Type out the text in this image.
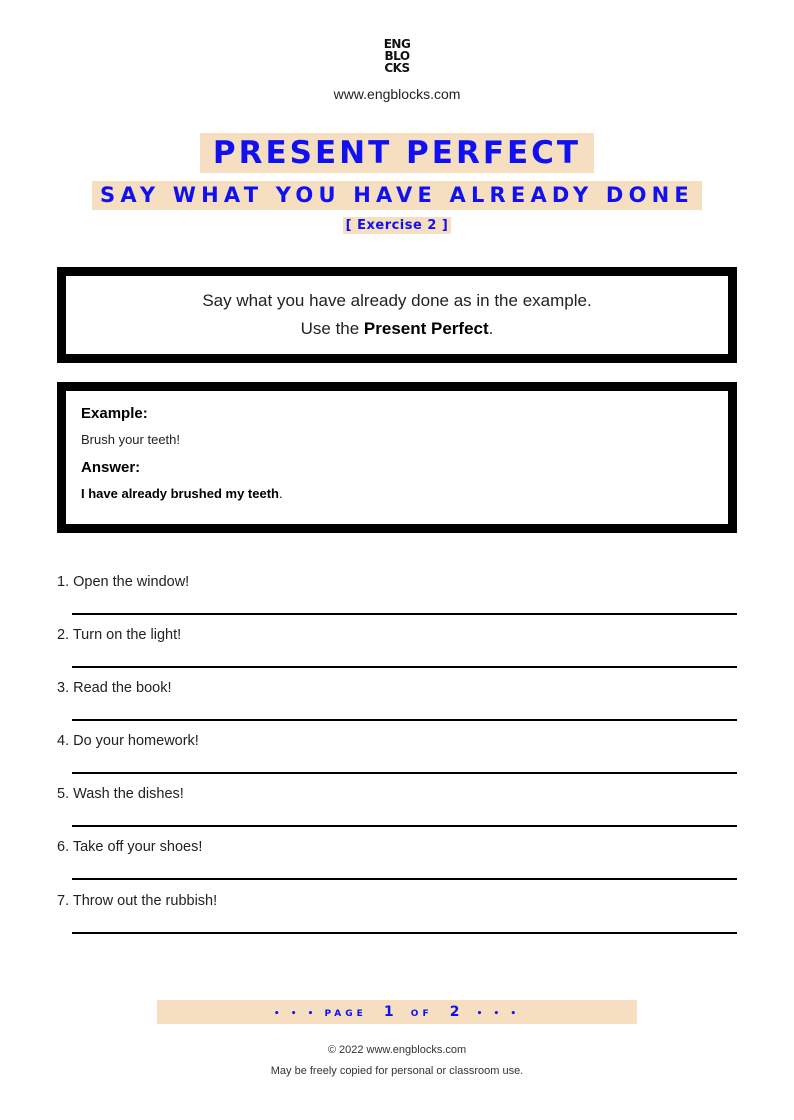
ENG
BLO
CKS
www.engblocks.com
PRESENT PERFECT
SAY WHAT YOU HAVE ALREADY DONE
[ Exercise 2 ]
Say what you have already done as in the example.
Use the Present Perfect.
Example:
Brush your teeth!
Answer:
I have already brushed my teeth.
1. Open the window!
2. Turn on the light!
3. Read the book!
4. Do your homework!
5. Wash the dishes!
6. Take off your shoes!
7. Throw out the rubbish!
• • • PAGE 1 OF 2 • • •
© 2022 www.engblocks.com
May be freely copied for personal or classroom use.
